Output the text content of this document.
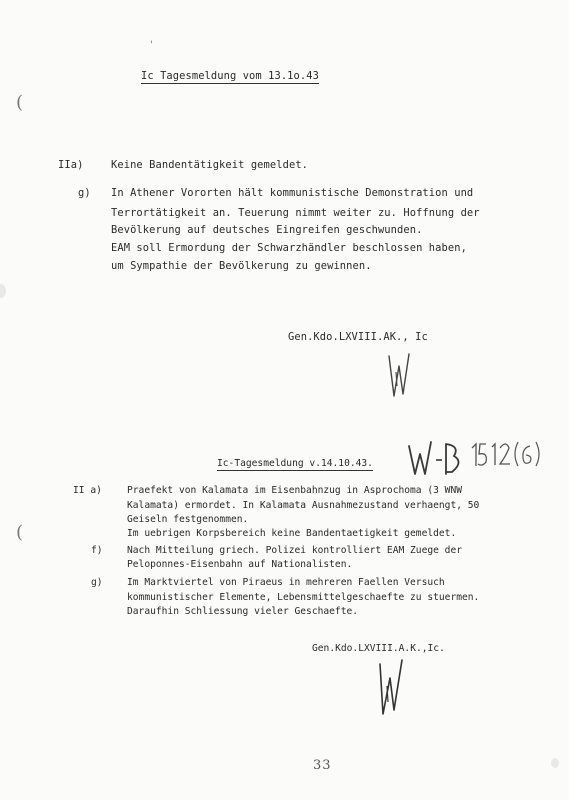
(
(
'
Ic Tagesmeldung vom 13.1o.43
IIa)	Keine Bandentätigkeit gemeldet.
g) In Athener Vororten hält kommunistische Demonstration und
Terrortätigkeit an. Teuerung nimmt weiter zu. Hoffnung der
Bevölkerung auf deutsches Eingreifen geschwunden.
EAM soll Ermordung der Schwarzhändler beschlossen haben,
um Sympathie der Bevölkerung zu gewinnen.
Gen.Kdo.LXVIII.AK., Ic
Ic-Tagesmeldung v.14.10.43.
II a)	Praefekt von Kalamata im Eisenbahnzug in Asprochoma (3 WNW
Kalamata) ermordet. In Kalamata Ausnahmezustand verhaengt, 50
Geiseln festgenommen.
Im uebrigen Korpsbereich keine Bandentaetigkeit gemeldet.
f)	Nach Mitteilung griech. Polizei kontrolliert EAM Zuege der
Peloponnes-Eisenbahn auf Nationalisten.
g)	Im Marktviertel von Piraeus in mehreren Faellen Versuch
kommunistischer Elemente, Lebensmittelgeschaefte zu stuermen.
Daraufhin Schliessung vieler Geschaefte.
Gen.Kdo.LXVIII.A.K.,Ic.
33
